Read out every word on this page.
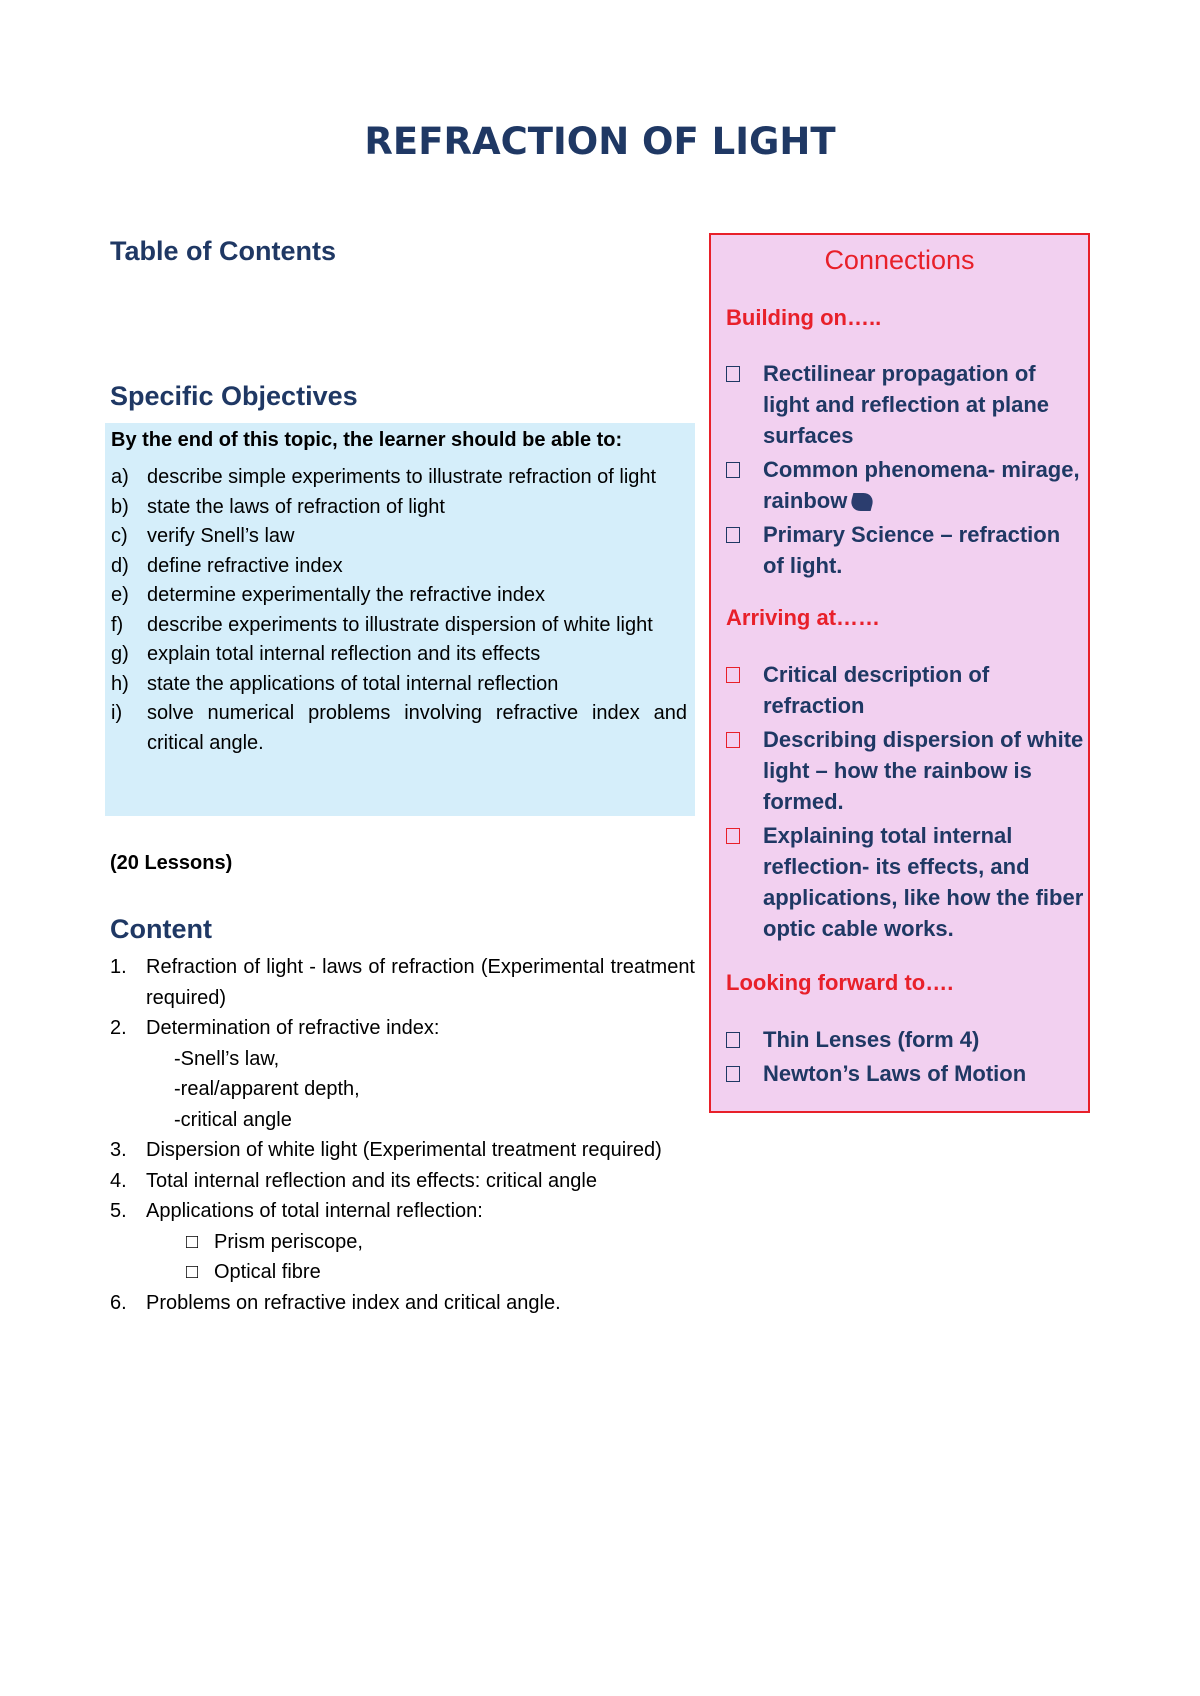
REFRACTION OF LIGHT
Table of Contents
Specific Objectives
By the end of this topic, the learner should be able to:
a) describe simple experiments to illustrate refraction of light
b) state the laws of refraction of light
c) verify Snell’s law
d) define refractive index
e) determine experimentally the refractive index
f) describe experiments to illustrate dispersion of white light
g) explain total internal reflection and its effects
h) state the applications of total internal reflection
i) solve numerical problems involving refractive index and critical angle.
(20 Lessons)
Content
1. Refraction of light - laws of refraction (Experimental treatment required)
2. Determination of refractive index:
-Snell’s law,
-real/apparent depth,
-critical angle
3. Dispersion of white light (Experimental treatment required)
4. Total internal reflection and its effects: critical angle
5. Applications of total internal reflection:
□ Prism periscope,
□ Optical fibre
6. Problems on refractive index and critical angle.
Connections
Building on…..
Rectilinear propagation of light and reflection at plane surfaces
Common phenomena- mirage, rainbow
Primary Science – refraction of light.
Arriving at……
Critical description of refraction
Describing dispersion of white light – how the rainbow is formed.
Explaining total internal reflection- its effects, and applications, like how the fiber optic cable works.
Looking forward to….
Thin Lenses (form 4)
Newton’s Laws of Motion
